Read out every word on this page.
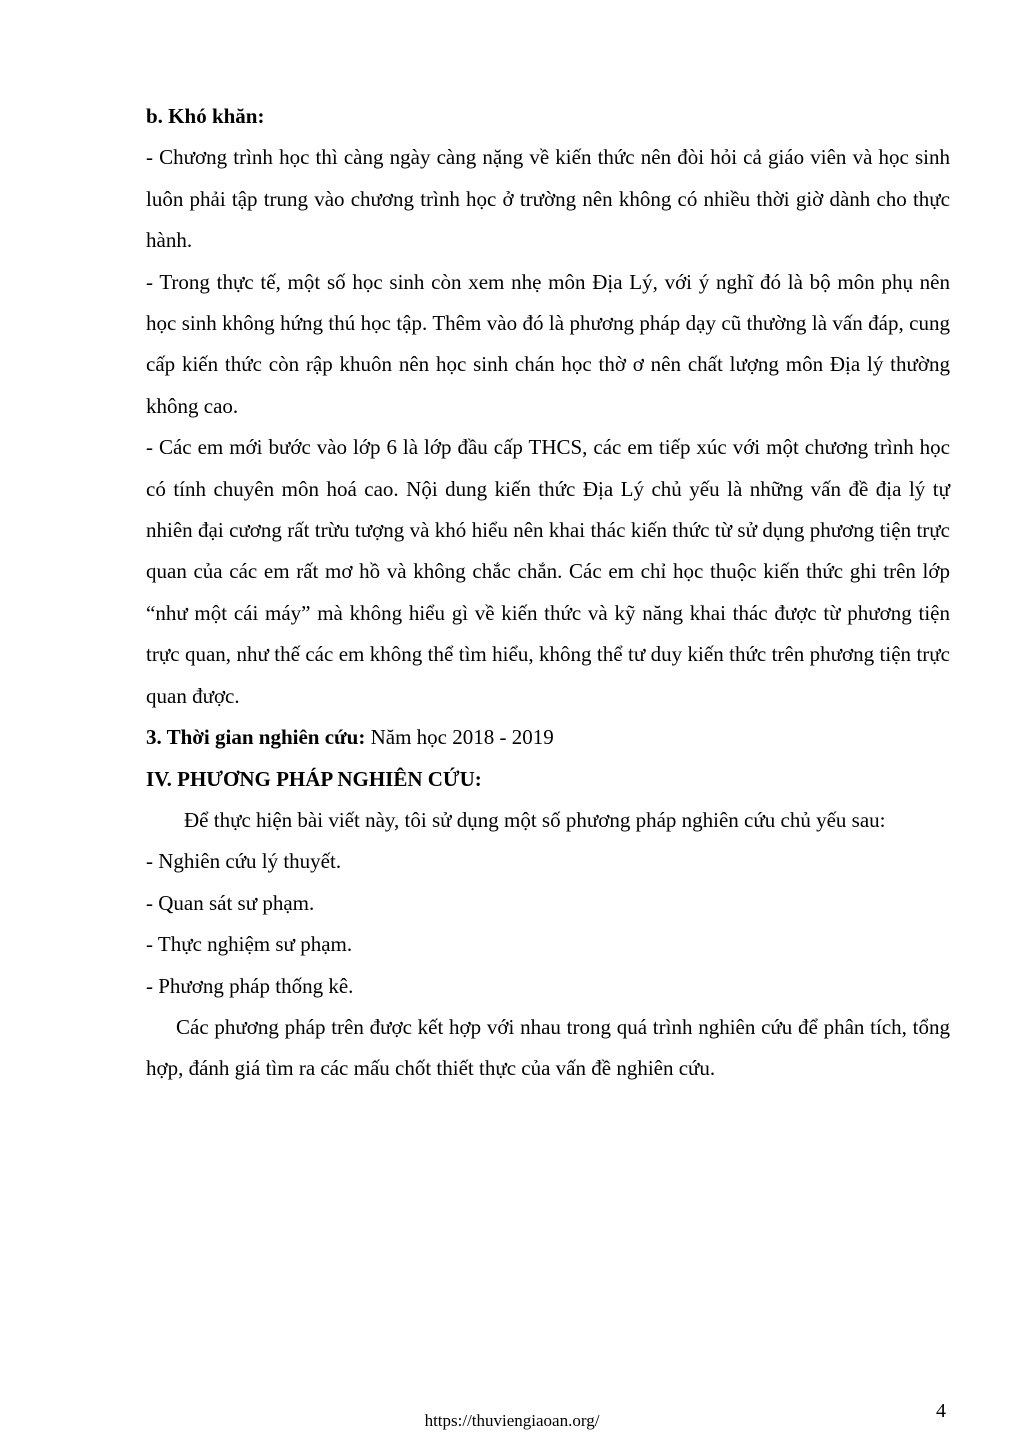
b. Khó khăn:

- Chương trình học thì càng ngày càng nặng về kiến thức nên đòi hỏi cả giáo viên và học sinh luôn phải tập trung vào chương trình học ở trường nên không có nhiều thời giờ dành cho thực hành.

- Trong thực tế, một số học sinh còn xem nhẹ môn Địa Lý, với ý nghĩ đó là bộ môn phụ nên học sinh không hứng thú học tập. Thêm vào đó là phương pháp dạy cũ thường là vấn đáp, cung cấp kiến thức còn rập khuôn nên học sinh chán học thờ ơ nên chất lượng môn Địa lý thường không cao.

- Các em mới bước vào lớp 6 là lớp đầu cấp THCS, các em tiếp xúc với một chương trình học có tính chuyên môn hoá cao. Nội dung kiến thức Địa Lý chủ yếu là những vấn đề địa lý tự nhiên đại cương rất trừu tượng và khó hiểu nên khai thác kiến thức từ sử dụng phương tiện trực quan của các em rất mơ hồ và không chắc chắn. Các em chỉ học thuộc kiến thức ghi trên lớp “như một cái máy” mà không hiểu gì về kiến thức và kỹ năng khai thác được từ phương tiện trực quan, như thế các em không thể tìm hiểu, không thể tư duy kiến thức trên phương tiện trực quan được.

3. Thời gian nghiên cứu: Năm học 2018 - 2019

IV. PHƯƠNG PHÁP NGHIÊN CỨU:

Để thực hiện bài viết này, tôi sử dụng một số phương pháp nghiên cứu chủ yếu sau:

- Nghiên cứu lý thuyết.

- Quan sát sư phạm.

- Thực nghiệm sư phạm.

- Phương pháp thống kê.

Các phương pháp trên được kết hợp với nhau trong quá trình nghiên cứu để phân tích, tổng hợp, đánh giá tìm ra các mấu chốt thiết thực của vấn đề nghiên cứu.

4
https://thuviengiaoan.org/
